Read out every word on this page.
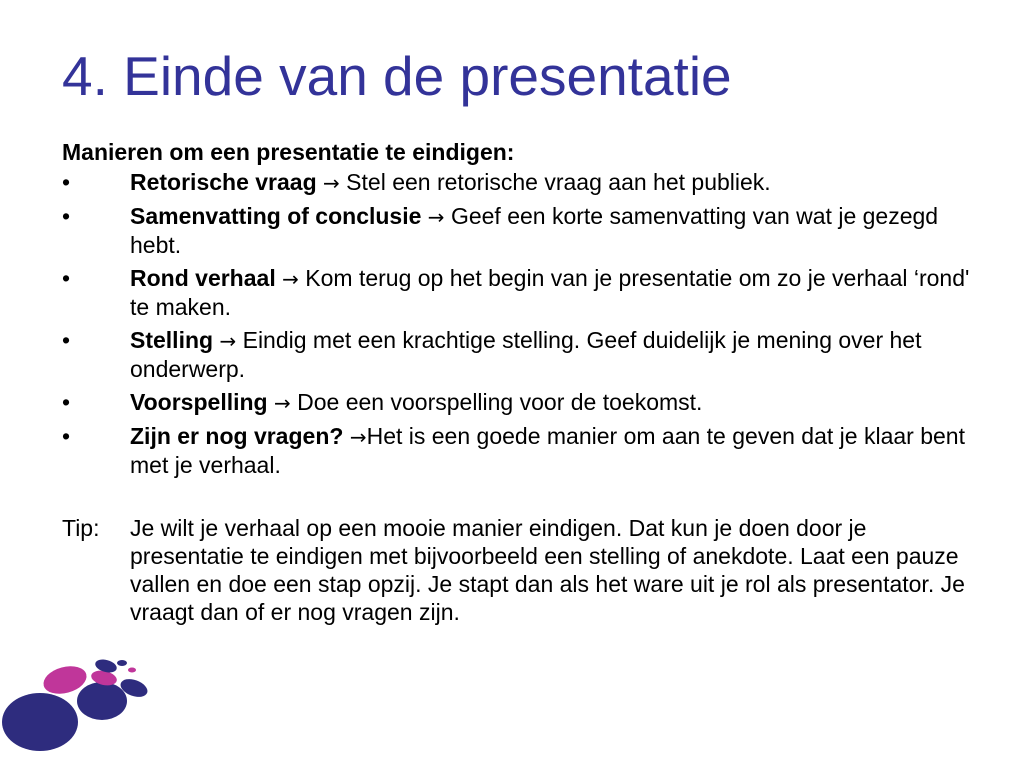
4. Einde van de presentatie
Manieren om een presentatie te eindigen:
•	Retorische vraag → Stel een retorische vraag aan het publiek.
•	Samenvatting of conclusie → Geef een korte samenvatting van wat je gezegd hebt.
•	Rond verhaal → Kom terug op het begin van je presentatie om zo je verhaal ‘rond' te maken.
•	Stelling → Eindig met een krachtige stelling. Geef duidelijk je mening over het onderwerp.
•	Voorspelling → Doe een voorspelling voor de toekomst.
•	Zijn er nog vragen? →Het is een goede manier om aan te geven dat je klaar bent met je verhaal.
Tip: Je wilt je verhaal op een mooie manier eindigen. Dat kun je doen door je presentatie te eindigen met bijvoorbeeld een stelling of anekdote. Laat een pauze vallen en doe een stap opzij. Je stapt dan als het ware uit je rol als presentator. Je vraagt dan of er nog vragen zijn.
